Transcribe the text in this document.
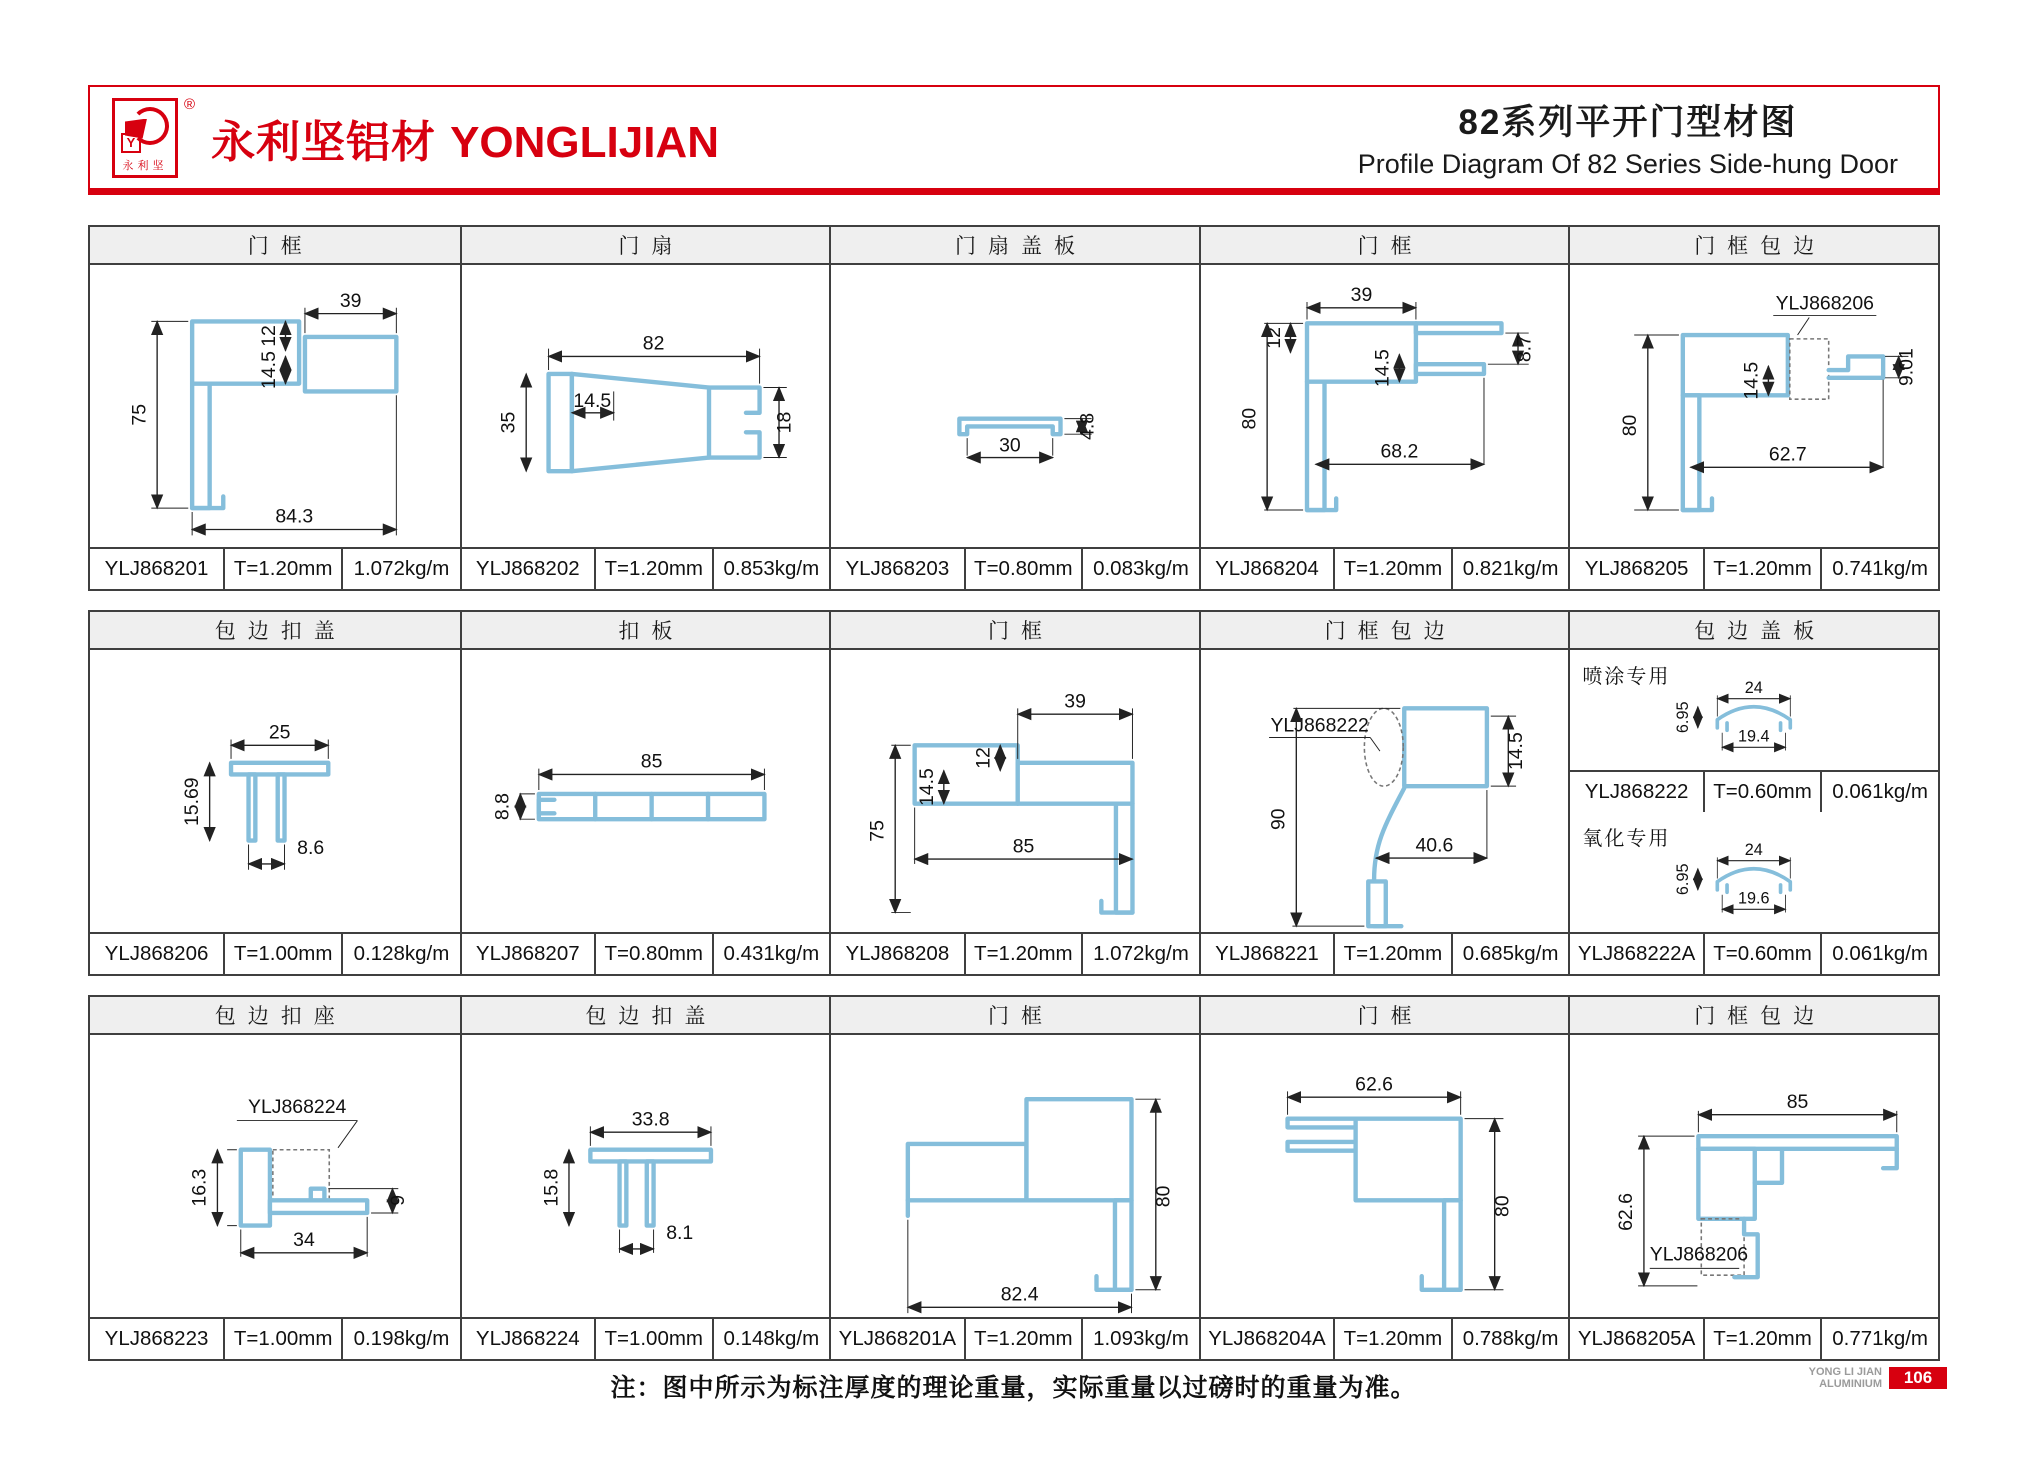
Y
永利坚
®
永利坚铝材 YONGLIJIAN	82系列平开门型材图
Profile Diagram Of 82 Series Side-hung Door
门框
75
84.3
39
12
14.5
YLJ868201	T=1.20mm	1.072kg/m
门扇
82
35
14.5
18
YLJ868202	T=1.20mm 0.853kg/m
门扇盖板
4.8
30
YLJ868203	T=0.80mm 0.083kg/m
门框
39
12
14.5
80
8.7
68.2
YLJ868204	T=1.20mm 0.821kg/m
门框包边
YLJ868206
80
14.5	9.01
62.7
YLJ868205	T=1.20mm 0.741kg/m
包边扣盖
25
15.69
8.6
YLJ868206	T=1.00mm	0.128kg/m
扣板
85
8.8
YLJ868207	T=0.80mm 0.431kg/m
门框
39
12
14.5
75
85
YLJ868208	T=1.20mm 1.072kg/m
门框包边
YLJ868222
90
14.5
40.6
YLJ868221	T=1.20mm 0.685kg/m
包边盖板
喷涂专用	24
6.95
19.4
YLJ868222	T=0.60mm 0.061kg/m
氧化专用	24
6.95
19.6
YLJ868222A T=0.60mm 0.061kg/m
包边扣座
YLJ868224
16.3	9
34
YLJ868223	T=1.00mm	0.198kg/m
包边扣盖
33.8
15.8
8.1
YLJ868224	T=1.00mm 0.148kg/m
门框
80
82.4
YLJ868201A T=1.20mm 1.093kg/m
门框
62.6
80
YLJ868204A T=1.20mm 0.788kg/m
门框包边
YLJ868206
85
62.6
YLJ868205A T=1.20mm 0.771kg/m
注：图中所示为标注厚度的理论重量，实际重量以过磅时的重量为准。
YONG LI JIAN
ALUMINIUM	106
